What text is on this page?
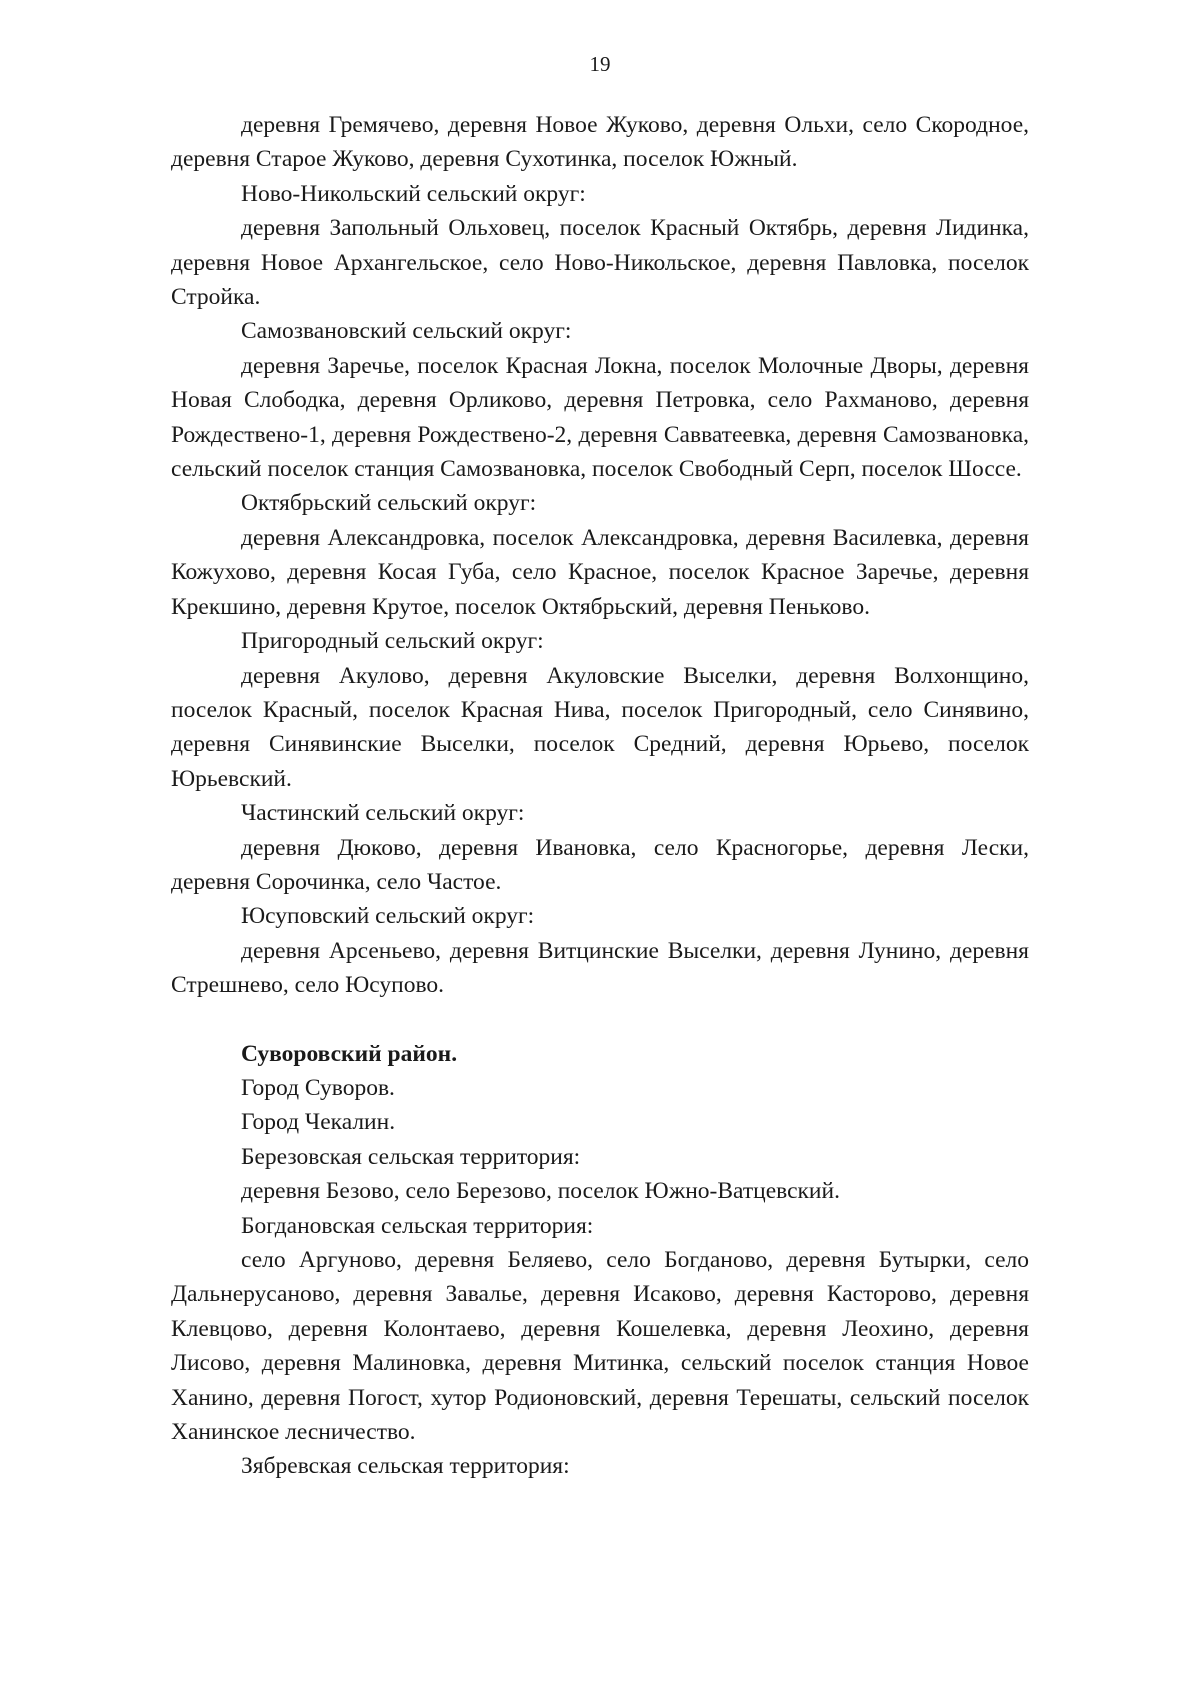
19

деревня Гремячево, деревня Новое Жуково, деревня Ольхи, село Скородное, деревня Старое Жуково, деревня Сухотинка, поселок Южный.

Ново-Никольский сельский округ:

деревня Запольный Ольховец, поселок Красный Октябрь, деревня Лидинка, деревня Новое Архангельское, село Ново-Никольское, деревня Павловка, поселок Стройка.

Самозвановский сельский округ:

деревня Заречье, поселок Красная Локна, поселок Молочные Дворы, деревня Новая Слободка, деревня Орликово, деревня Петровка, село Рахманово, деревня Рождествено-1, деревня Рождествено-2, деревня Савватеевка, деревня Самозвановка, сельский поселок станция Самозвановка, поселок Свободный Серп, поселок Шоссе.

Октябрьский сельский округ:

деревня Александровка, поселок Александровка, деревня Василевка, деревня Кожухово, деревня Косая Губа, село Красное, поселок Красное Заречье, деревня Крекшино, деревня Крутое, поселок Октябрьский, деревня Пеньково.

Пригородный сельский округ:

деревня Акулово, деревня Акуловские Выселки, деревня Волхонщино, поселок Красный, поселок Красная Нива, поселок Пригородный, село Синявино, деревня Синявинские Выселки, поселок Средний, деревня Юрьево, поселок Юрьевский.

Частинский сельский округ:

деревня Дюково, деревня Ивановка, село Красногорье, деревня Лески, деревня Сорочинка, село Частое.

Юсуповский сельский округ:

деревня Арсеньево, деревня Витцинские Выселки, деревня Лунино, деревня Стрешнево, село Юсупово.

Суворовский район.

Город Суворов.

Город Чекалин.

Березовская сельская территория:

деревня Безово, село Березово, поселок Южно-Ватцевский.

Богдановская сельская территория:

село Аргуново, деревня Беляево, село Богданово, деревня Бутырки, село Дальнерусаново, деревня Завалье, деревня Исаково, деревня Касторово, деревня Клевцово, деревня Колонтаево, деревня Кошелевка, деревня Леохино, деревня Лисово, деревня Малиновка, деревня Митинка, сельский поселок станция Новое Ханино, деревня Погост, хутор Родионовский, деревня Терешаты, сельский поселок Ханинское лесничество.

Зябревская сельская территория:
